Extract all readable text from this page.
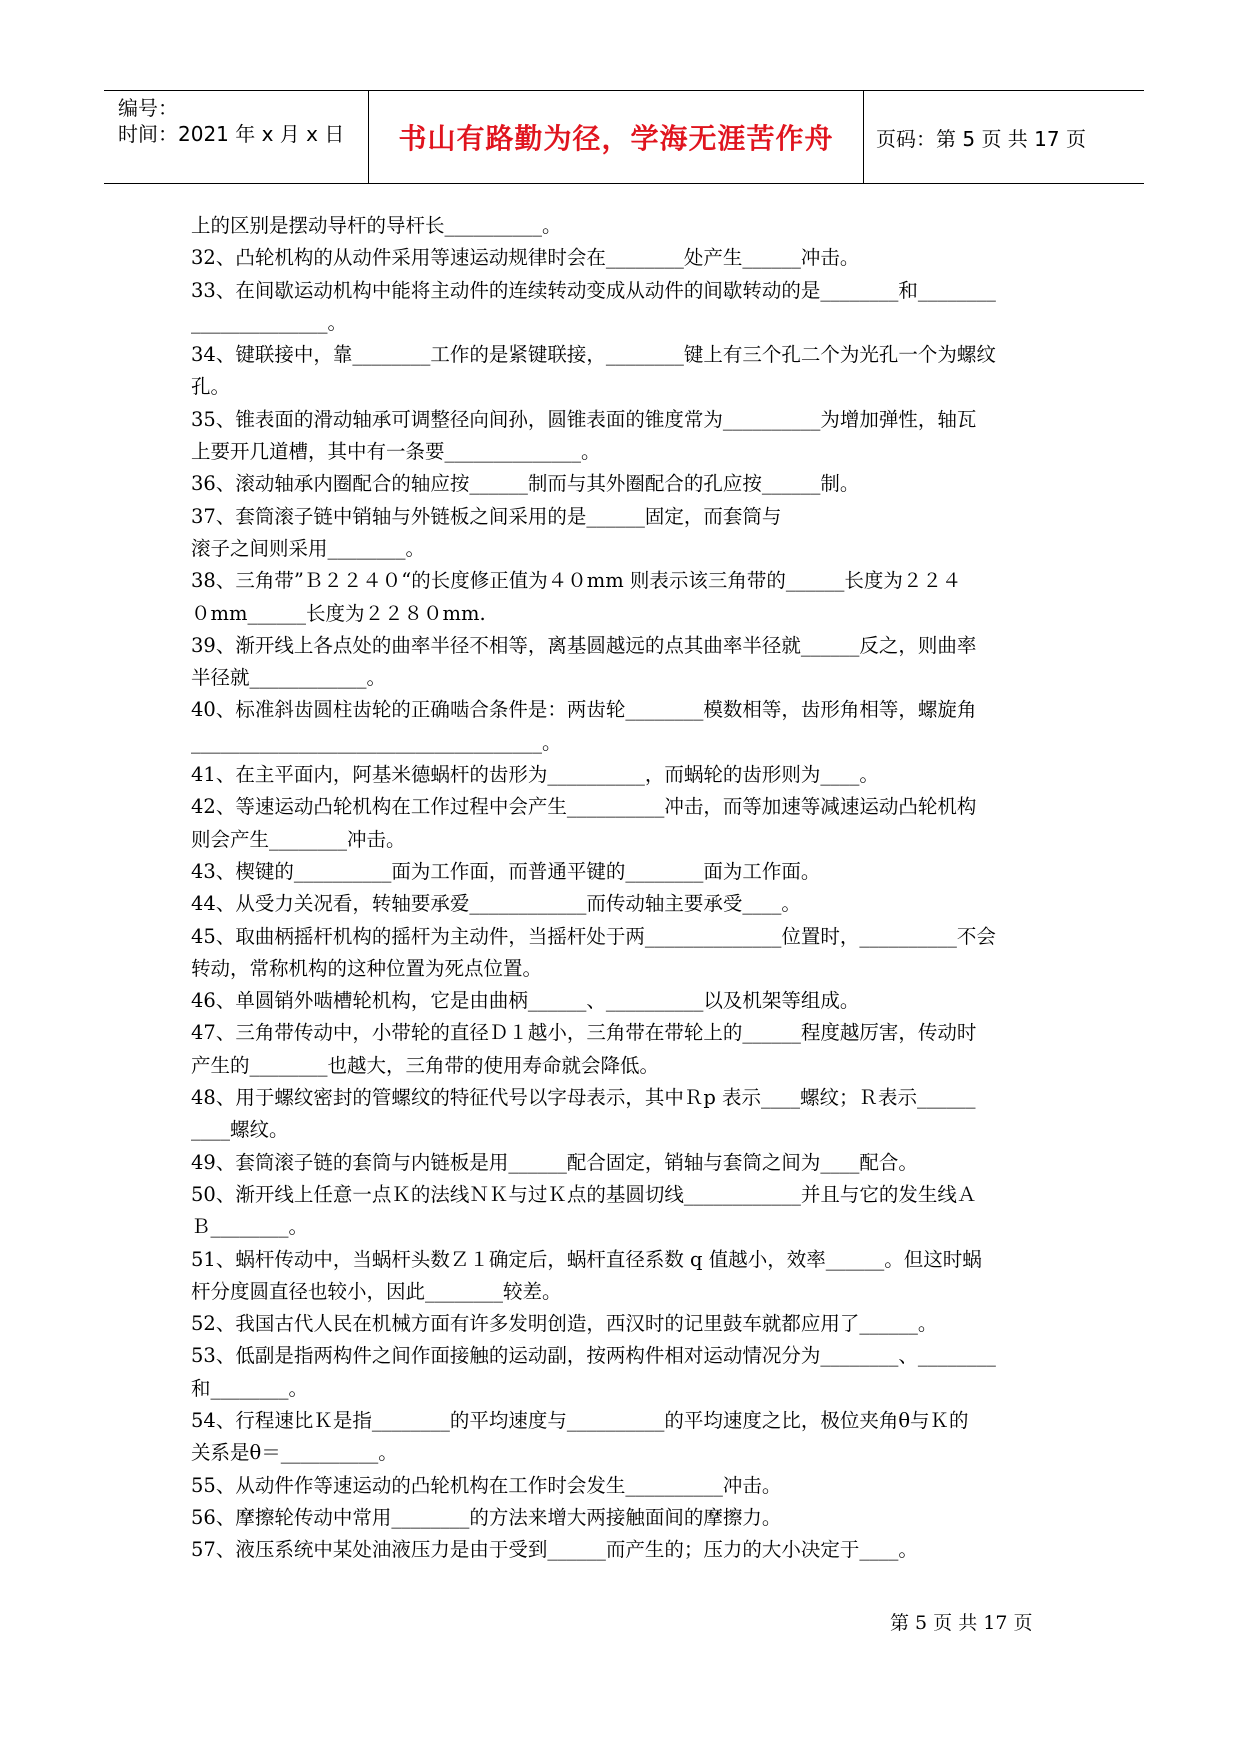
编号：
时间：2021 年 x 月 x 日	书山有路勤为径，学海无涯苦作舟 页码：第 5 页 共 17 页
上的区别是摆动导杆的导杆长__________。
32、凸轮机构的从动件采用等速运动规律时会在________处产生______冲击。
33、在间歇运动机构中能将主动件的连续转动变成从动件的间歇转动的是________和________
______________。
34、键联接中，靠________工作的是紧键联接，________键上有三个孔二个为光孔一个为螺纹
孔。
35、锥表面的滑动轴承可调整径向间孙，圆锥表面的锥度常为__________为增加弹性，轴瓦
上要开几道槽，其中有一条要______________。
36、滚动轴承内圈配合的轴应按______制而与其外圈配合的孔应按______制。
37、套筒滚子链中销轴与外链板之间采用的是______固定，而套筒与
滚子之间则采用________。
38、三角带”Ｂ２２４０“的长度修正值为４０mm 则表示该三角带的______长度为２２４
０mm______长度为２２８０mm.
39、渐开线上各点处的曲率半径不相等，离基圆越远的点其曲率半径就______反之，则曲率
半径就____________。
40、标准斜齿圆柱齿轮的正确啮合条件是：两齿轮________模数相等，齿形角相等，螺旋角
____________________________________。
41、在主平面内，阿基米德蜗杆的齿形为__________，而蜗轮的齿形则为____。
42、等速运动凸轮机构在工作过程中会产生__________冲击，而等加速等减速运动凸轮机构
则会产生________冲击。
43、楔键的__________面为工作面，而普通平键的________面为工作面。
44、从受力关况看，转轴要承爱____________而传动轴主要承受____。
45、取曲柄摇杆机构的摇杆为主动件，当摇杆处于两______________位置时，__________不会
转动，常称机构的这种位置为死点位置。
46、单圆销外啮槽轮机构，它是由曲柄______、__________以及机架等组成。
47、三角带传动中，小带轮的直径Ｄ１越小，三角带在带轮上的______程度越厉害，传动时
产生的________也越大，三角带的使用寿命就会降低。
48、用于螺纹密封的管螺纹的特征代号以字母表示，其中Ｒp 表示____螺纹；Ｒ表示______
____螺纹。
49、套筒滚子链的套筒与内链板是用______配合固定，销轴与套筒之间为____配合。
50、渐开线上任意一点Ｋ的法线ＮＫ与过Ｋ点的基圆切线____________并且与它的发生线Ａ
Ｂ________。
51、蜗杆传动中，当蜗杆头数Ｚ１确定后，蜗杆直径系数 q 值越小，效率______。但这时蜗
杆分度圆直径也较小，因此________较差。
52、我国古代人民在机械方面有许多发明创造，西汉时的记里鼓车就都应用了______。
53、低副是指两构件之间作面接触的运动副，按两构件相对运动情况分为________、________
和________。
54、行程速比Ｋ是指________的平均速度与__________的平均速度之比，极位夹角θ与Ｋ的
关系是θ＝__________。
55、从动件作等速运动的凸轮机构在工作时会发生__________冲击。
56、摩擦轮传动中常用________的方法来增大两接触面间的摩擦力。
57、液压系统中某处油液压力是由于受到______而产生的；压力的大小决定于____。
第 5 页 共 17 页
